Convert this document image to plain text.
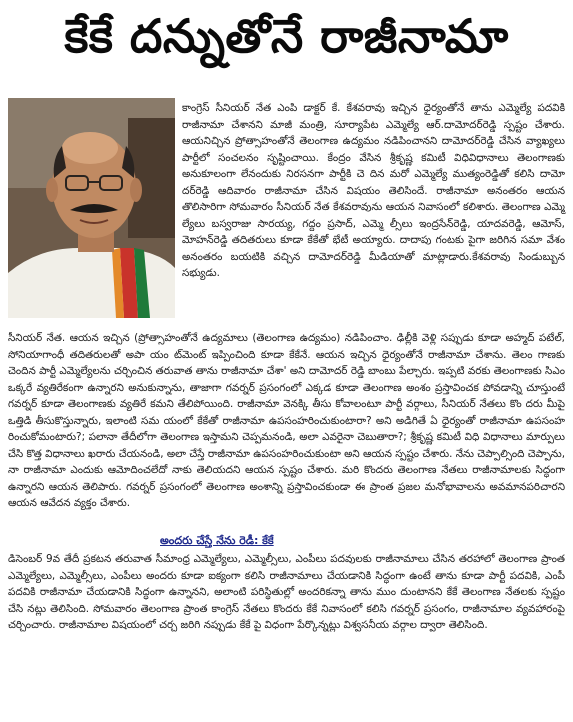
కేకే దన్నుతోనే రాజీనామా

కాంగ్రెస్ సీనియర్ నేత ఎంపి డాక్టర్ కే. కేశవరావు ఇచ్చిన ధైర్యంతోనే తాను ఎమ్మెల్యే పదవికి రాజీనామా చేశానని మాజీ మంత్రి, సూర్యాపేట ఎమ్మెల్యే ఆర్.దామోదర్‌రెడ్డి స్పష్టం చేశారు. ఆయనిచ్చిన ప్రోత్సాహంతోనే తెలంగాణ ఉద్యమం నడిపించానని దామోదర్‌రెడ్డి చేసిన వ్యాఖ్యలు పార్టీలో సంచలనం సృష్టించాయి. కేంద్రం వేసిన శ్రీకృష్ణ కమిటీ విధివిధానాలు తెలంగాణకు అనుకూలంగా లేనందుకు నిరసనగా పార్టీకి చె దిన మరో ఎమ్మెల్యే ముత్యంరెడ్డితో కలిసి దామో దర్‌రెడ్డి ఆదివారం రాజీనామా చేసిన విషయం తెలిసిందే. రాజీనామా అనంతరం ఆయన తొలిసారిగా సోమవారం సీనియర్ నేత కేశవరావును ఆయన నివాసంలో కలిశారు. తెలంగాణ ఎమ్మె ల్యేలు బస్వరాజు సారయ్య, గద్దం ప్రసాద్, ఎమ్మె ల్సీలు ఇంద్రసేన్‌రెడ్డి, యాదవరెడ్డి, ఆమోస్, మోహన్‌రెడ్డి తదితరులు కూడా కేకేతో భేటీ అయ్యారు. దాదాపు గంటకు పైగా జరిగిన సమా వేశం అనంతరం బయటికి వచ్చిన దామోదర్‌రెడ్డి మీడియాతో మాట్లాడారు.కేశవరావు సిండుబ్బున సభ్యుడు.

సీనియర్ నేత. ఆయన ఇచ్చిన (ప్రోత్సాహంతోనే ఉద్యమాలు (తెలంగాణ ఉద్యమం) నడిపించాం. ఢిల్లీకి వెళ్లి సప్పుడు కూడా అహ్మద్ పటేల్, సోనియాగాంధీ తదితరులతో అపా యం ట్‌మెంట్ ఇప్పించింది కూడా కేకేనే. ఆయన ఇచ్చిన ధైర్యంతోనే రాజీనామా చేశాను. తెలం గాణకు చెందిన పార్టీ ఎమ్మెల్యేలను చర్చించిన తరువాత తాను రాజీనామా చేశా' అని దామోదర్ రెడ్డి బాంబు పేల్చారు. ఇప్పటి వరకు తెలంగాణకు సిఎం ఒక్కరే వ్యతిరేకంగా ఉన్నారని అనుకున్నాను, తాజాగా గవర్నర్ ప్రసంగంలో ఎక్కడ కూడా తెలంగాణ అంశం ప్రస్తావించక పోవడాన్ని చూస్తుంటే గవర్నర్ కూడా తెలంగాణకు వ్యతిరే కమని తేలిపోయింది. రాజీనామా వెనక్కి తీసు కోవాలంటూ పార్టీ వర్గాలు, సీనియర్ నేతలు కొం దరు మీపై ఒత్తిడి తీసుకొస్తున్నారు, ఇలాంటి సమ యంలో కేకేతో రాజీనామా ఉపసంహరించుకుంటారా? అని అడిగితే ఏ ధైర్యంతో రాజీనామా ఉపసంహ రించుకోమంటారు?; పలానా తేదీలోగా తెలంగాణ ఇస్తామని చెప్పమనండి, అలా ఎవరైనా చెబుతారా?; శ్రీకృష్ణ కమిటీ విధి విధానాలు మార్పులు చేసి కొత్త విధానాలు ఖరారు చేయనండి, అలా చేస్తే రాజీనామా ఉపసంహరించుకుంటా అని ఆయన స్పష్టం చేశారు. నేను చెప్పాల్సింది చెప్పాను, నా రాజీనామా ఎందుకు ఆమోదించలేదో నాకు తెలియదని ఆయన స్పష్టం చేశారు. మరి కొందరు తెలంగాణ నేతలు రాజీనామాలకు సిద్ధంగా ఉన్నారని ఆయన తెలిపారు. గవర్నర్ ప్రసంగంలో తెలంగాణ అంశాన్ని ప్రస్తావించకుండా ఈ ప్రాంత ప్రజల మనోభావాలను అవమానపరిచారని ఆయన ఆవేదన వ్యక్తం చేశారు.

అందరు చేస్తే నేను రెడీ: కేకే

డిసెంబర్ 9వ తేదీ ప్రకటన తరువాత సీమాంధ్ర ఎమ్మెల్యేలు, ఎమ్మెల్సీలు, ఎంపీలు పదవులకు రాజీనామాలు చేసిన తరహాలో తెలంగాణ ప్రాంత ఎమ్మెల్యేలు, ఎమ్మెల్సీలు, ఎంపీలు అందరు కూడా ఐక్యంగా కలిసి రాజీనామాలు చేయడానికి సిద్ధంగా ఉంటే తాను కూడా పార్టీ పదవికి, ఎంపీ పదవికి రాజీనామా చేయడానికి సిద్ధంగా ఉన్నానని, అలాంటి పరిస్థితుల్లో అందరికన్నా తాను ముం దుంటానని కేకే తెలంగాణ నేతలకు స్పష్టం చేసి నట్లు తెలిసింది. సోమవారం తెలంగాణ ప్రాంత కాంగ్రెస్ నేతలు కొందరు కేకే నివాసంలో కలిసి గవర్నర్ ప్రసంగం, రాజీనామాల వ్యవహారంపై చర్చించారు. రాజీనామాల విషయంలో చర్చ జరిగి నప్పుడు కేకే పై విధంగా పేర్కొన్నట్లు విశ్వసనీయ వర్గాల ద్వారా తెలిసింది.
